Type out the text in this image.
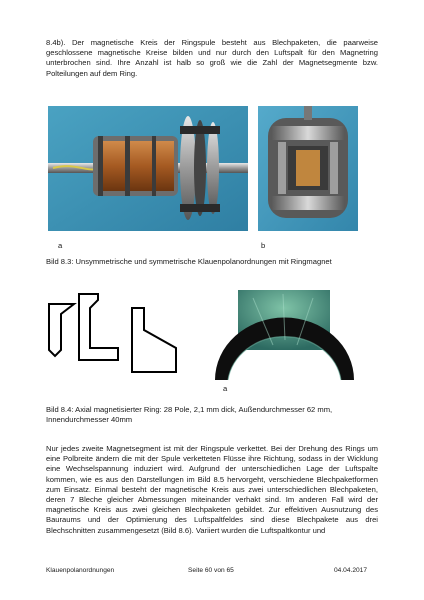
8.4b). Der magnetische Kreis der Ringspule besteht aus Blechpaketen, die paarweise geschlossene magnetische Kreise bilden und nur durch den Luftspalt für den Magnetring unterbrochen sind. Ihre Anzahl ist halb so groß wie die Zahl der Magnetsegmente bzw. Polteilungen auf dem Ring.
a	b
Bild 8.3: Unsymmetrische und symmetrische Klauenpolanordnungen mit Ringmagnet
a
Bild 8.4: Axial magnetisierter Ring: 28 Pole, 2,1 mm dick, Außendurchmesser 62 mm,
Innendurchmesser 40mm
Nur jedes zweite Magnetsegment ist mit der Ringspule verkettet. Bei der Drehung des Rings um eine Polbreite ändern die mit der Spule verketteten Flüsse ihre Richtung, sodass in der Wicklung eine Wechselspannung induziert wird. Aufgrund der unterschiedlichen Lage der Luftspalte kommen, wie es aus den Darstellungen im Bild 8.5 hervorgeht, verschiedene Blechpaketformen zum Einsatz. Einmal besteht der magnetische Kreis aus zwei unterschiedlichen Blechpaketen, deren 7 Bleche gleicher Abmessungen miteinander verhakt sind. Im anderen Fall wird der magnetische Kreis aus zwei gleichen Blechpaketen gebildet. Zur effektiven Ausnutzung des Bauraums und der Optimierung des Luftspaltfeldes sind diese Blechpakete aus drei Blechschnitten zusammengesetzt (Bild 8.6). Variiert wurden die Luftspaltkontur und
Klauenpolanordnungen	Seite 60 von 65	04.04.2017
